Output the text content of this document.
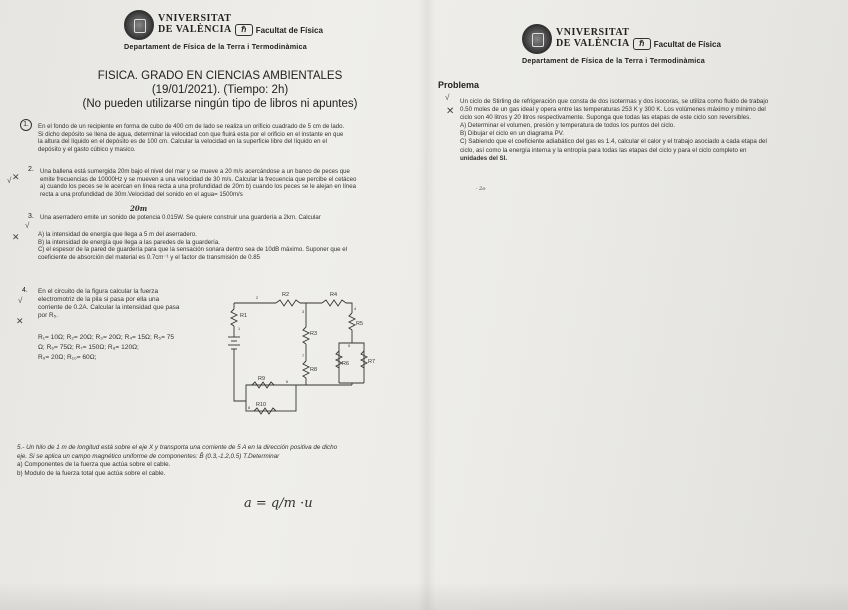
VNIVERSITAT
DE VALÈNCIA	ℏ	Facultat de Física
Departament de Física de la Terra i Termodinàmica
FISICA. GRADO EN CIENCIAS AMBIENTALES
(19/01/2021). (Tiempo: 2h)
(No pueden utilizarse ningún tipo de libros ni apuntes)
1.	En el fondo de un recipiente en forma de cubo de 400 cm de lado se realiza un orificio cuadrado de 5 cm de lado.
Si dicho depósito se llena de agua, determinar la velocidad con que fluirá esta por el orificio en el instante en que
la altura del líquido en el depósito es de 100 cm. Calcular la velocidad en la superficie libre del líquido en el
depósito y el gasto cúbico y masico.
2.
✕
√
Una ballena está sumergida 20m bajo el nivel del mar y se mueve a 20 m/s acercándose a un banco de peces que
emite frecuencias de 10000Hz y se mueven a una velocidad de 30 m/s. Calcular la frecuencia que percibe el cetáceo
a) cuando los peces se le acercan en línea recta a una profundidad de 20m b) cuando los peces se le alejan en línea
recta a una profundidad de 30m.Velocidad del sonido en el agua= 1500m/s
20m
3.
√
Una aserradero emite un sonido de potencia 0.015W. Se quiere construir una guardería a 2km. Calcular
✕	A) la intensidad de energía que llega a 5 m del aserradero.
B) la intensidad de energía que llega a las paredes de la guardería.
C) el espesor de la pared de guardería para que la sensación sonara dentro sea de 10dB máximo. Suponer que el
coeficiente de absorción del material es 0.7cm⁻¹ y el factor de transmisión de 0.85
4.
√
✕
En el circuito de la figura calcular la fuerza
electromotriz de la pila si pasa por ella una
corriente de 0.2A. Calcular la intensidad que pasa
por R₅.
R₁= 10Ω; R₂= 20Ω; R₃= 20Ω; R₄= 15Ω; R₅= 75
Ω; R₆= 75Ω; R₇= 150Ω; R₈= 120Ω;
R₉= 20Ω; R₁₀= 60Ω;
R2	R4
R1
R5
R3
R6	R7
R8
R9
R10
1
2
3
4
5
6
7
8
5.- Un hilo de 1 m de longitud está sobre el eje X y transporta una corriente de 5 A en la dirección positiva de dicho
eje. Si se aplica un campo magnético uniforme de componentes: B̄ (0.3,-1.2,0.5) T.Determinar
a) Componentes de la fuerza que actúa sobre el cable.
b) Modulo de la fuerza total que actúa sobre el cable.
a = q/m ·u
VNIVERSITAT
DE VALÈNCIA	ℏ	Facultat de Física
Departament de Física de la Terra i Termodinàmica
Problema
√
✕
Un ciclo de Stirling de refrigeración que consta de dos isotermas y dos isocoras, se utiliza como fluido de trabajo
0.50 moles de un gas ideal y opera entre las temperaturas 253 K y 300 K. Los volúmenes máximo y mínimo del
ciclo son 40 litros y 20 litros respectivamente. Suponga que todas las etapas de este ciclo son reversibles.
A) Determinar el volumen, presión y temperatura de todos los puntos del ciclo.
B) Dibujar el ciclo en un diagrama PV.
C) Sabiendo que el coeficiente adiabático del gas es 1.4, calcular el calor y el trabajo asociado a cada etapa del
ciclo, así como la energía interna y la entropía para todas las etapas del ciclo y para el ciclo completo en
unidades del SI.
· 2o
